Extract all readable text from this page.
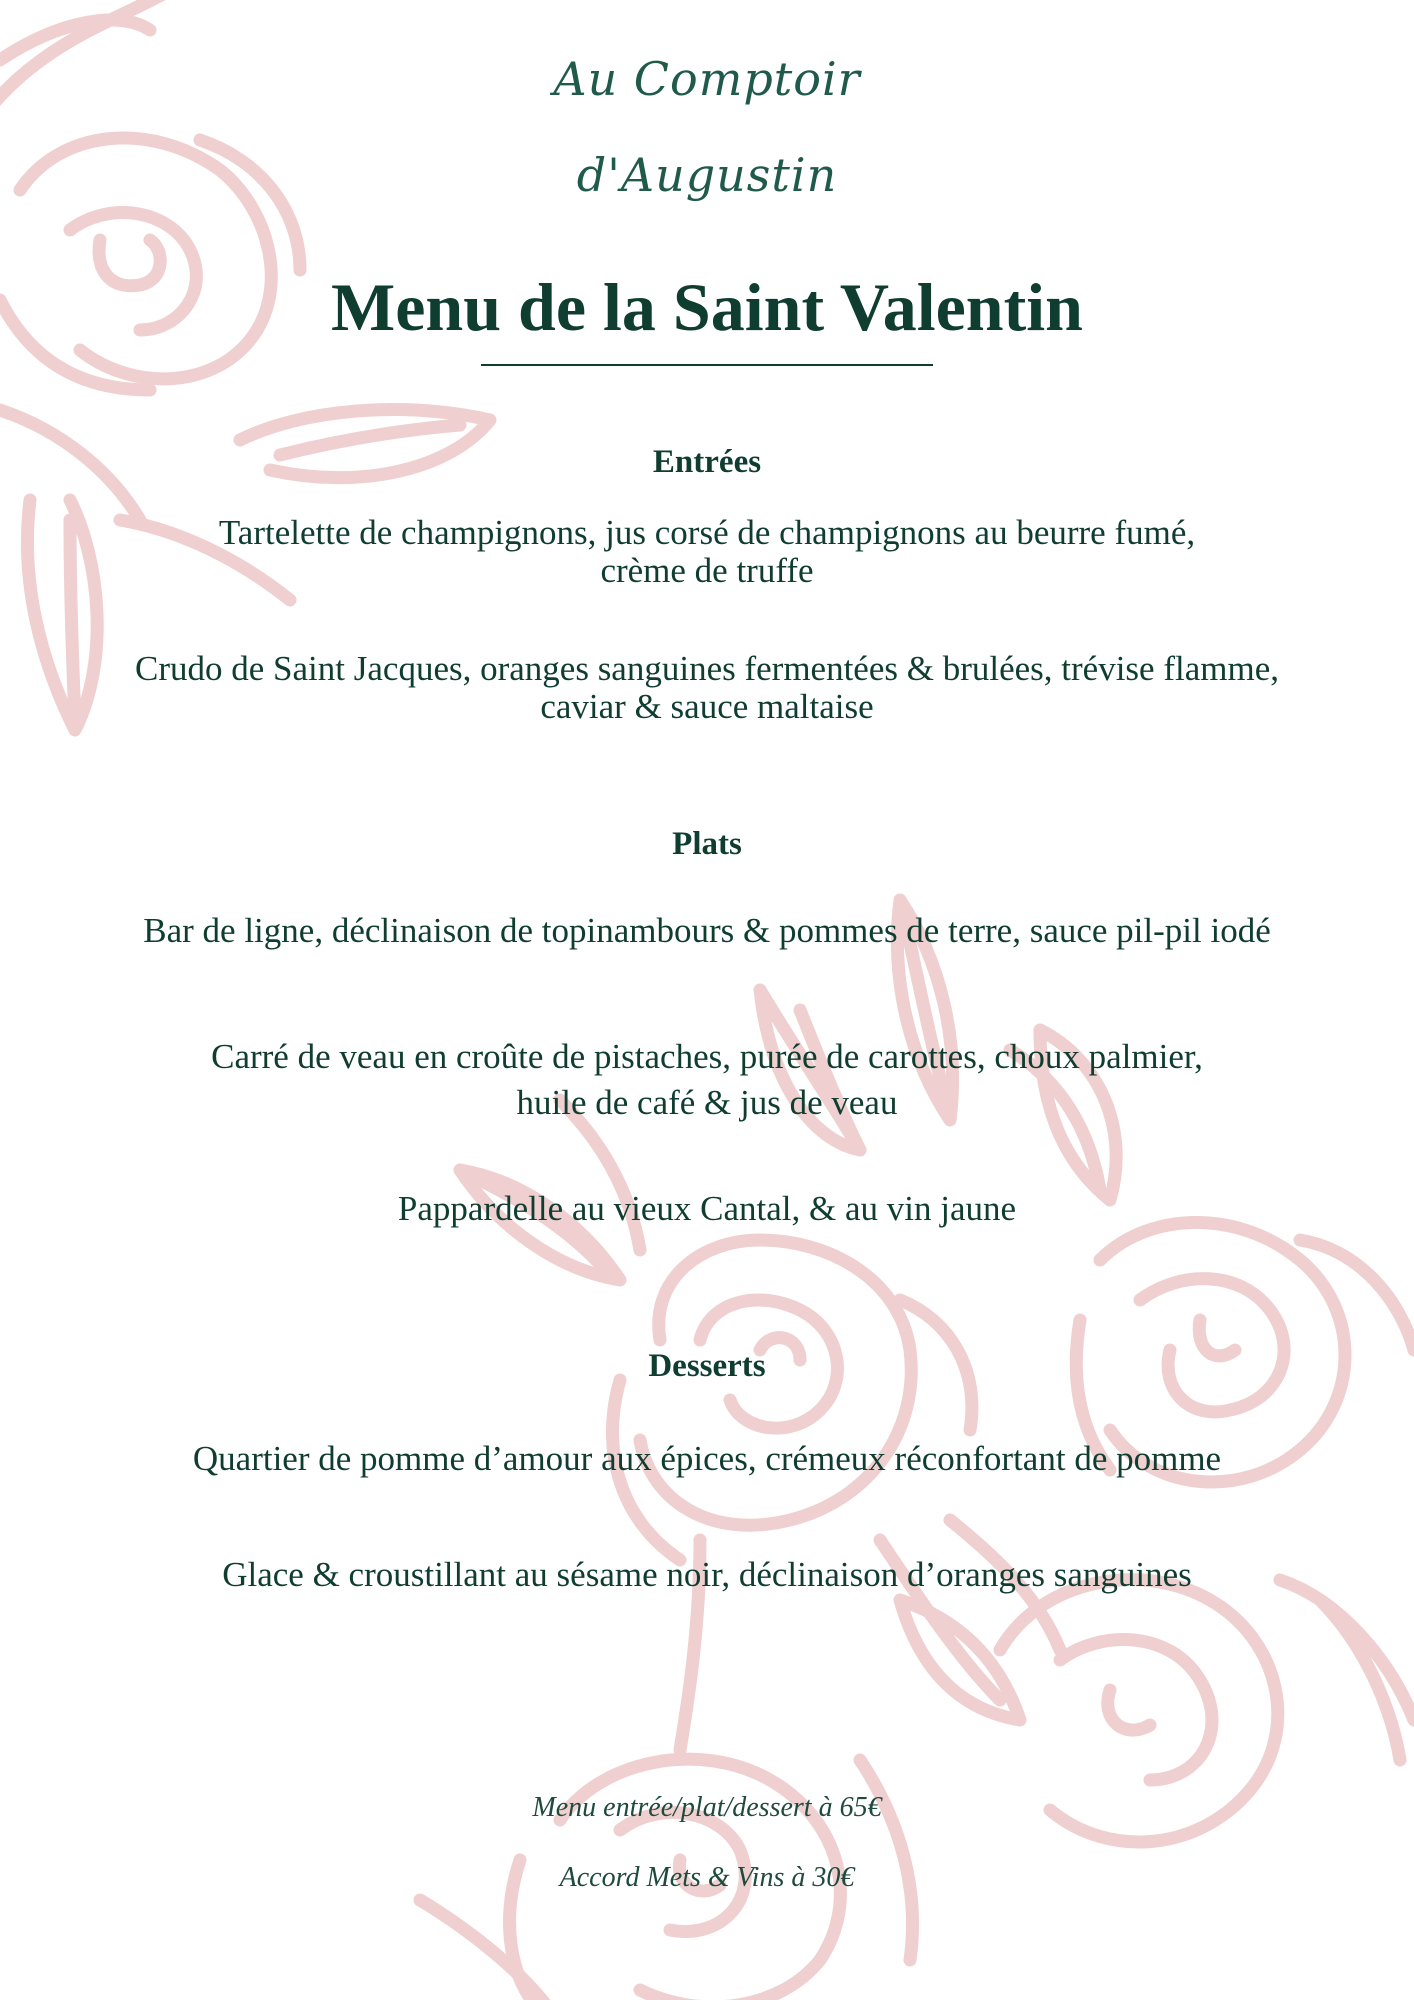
Au Comptoir
d'Augustin
Menu de la Saint Valentin
Entrées
Tartelette de champignons, jus corsé de champignons au beurre fumé,
crème de truffe
Crudo de Saint Jacques, oranges sanguines fermentées & brulées, trévise flamme,
caviar & sauce maltaise
Plats
Bar de ligne, déclinaison de topinambours & pommes de terre, sauce pil-pil iodé
Carré de veau en croûte de pistaches, purée de carottes, choux palmier,
huile de café & jus de veau
Pappardelle au vieux Cantal, & au vin jaune
Desserts
Quartier de pomme d’amour aux épices, crémeux réconfortant de pomme
Glace & croustillant au sésame noir, déclinaison d’oranges sanguines
Menu entrée/plat/dessert à 65€
Accord Mets & Vins à 30€
